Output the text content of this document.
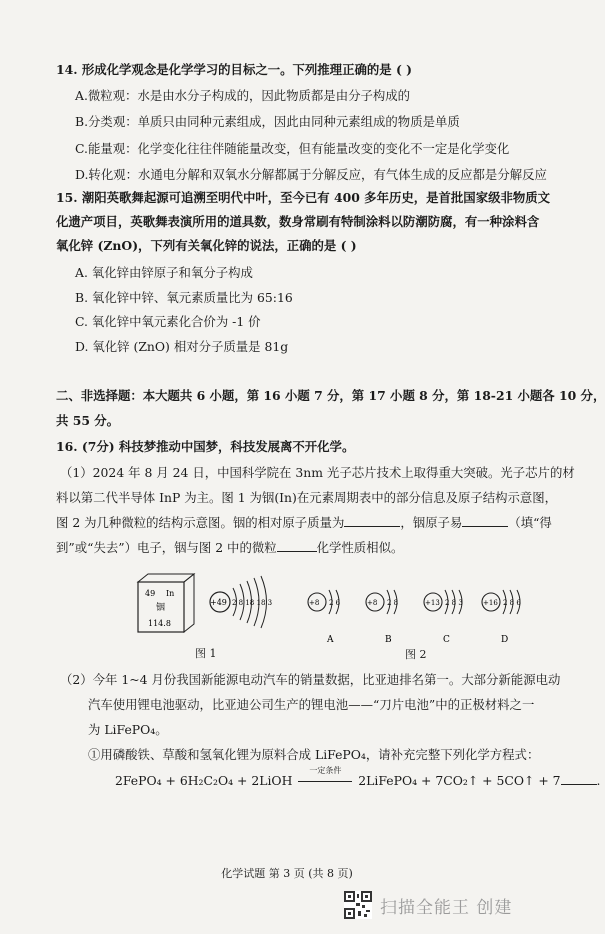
14. 形成化学观念是化学学习的目标之一。下列推理正确的是 ( )
A.微粒观：水是由水分子构成的，因此物质都是由分子构成的
B.分类观：单质只由同种元素组成，因此由同种元素组成的物质是单质
C.能量观：化学变化往往伴随能量改变，但有能量改变的变化不一定是化学变化
D.转化观：水通电分解和双氧水分解都属于分解反应，有气体生成的反应都是分解反应
15. 潮阳英歌舞起源可追溯至明代中叶，至今已有 400 多年历史，是首批国家级非物质文
化遗产项目，英歌舞表演所用的道具数，数身常刷有特制涂料以防潮防腐，有一种涂料含
氧化锌 (ZnO)，下列有关氧化锌的说法，正确的是 ( )
A. 氧化锌由锌原子和氧分子构成
B. 氧化锌中锌、氧元素质量比为 65:16
C. 氧化锌中氧元素化合价为 -1 价
D. 氧化锌 (ZnO) 相对分子质量是 81g
二、非选择题：本大题共 6 小题，第 16 小题 7 分，第 17 小题 8 分，第 18-21 小题各 10 分，
共 55 分。
16. (7分) 科技梦推动中国梦，科技发展离不开化学。
（1）2024 年 8 月 24 日，中国科学院在 3nm 光子芯片技术上取得重大突破。光子芯片的材
料以第二代半导体 InP 为主。图 1 为铟(In)在元素周期表中的部分信息及原子结构示意图，
图 2 为几种微粒的结构示意图。铟的相对原子质量为	，铟原子易	（填“得
到”或“失去”）电子，铟与图 2 中的微粒	化学性质相似。
49 In
铟
114.8
+49 2 8 18 18 3
图 1
+8 2 6
A
+8 2 8
B
+13 2 8 3
C
+16 2 8 6
D
图 2
（2）今年 1~4 月份我国新能源电动汽车的销量数据，比亚迪排名第一。大部分新能源电动
汽车使用锂电池驱动，比亚迪公司生产的锂电池——“刀片电池”中的正极材料之一
为 LiFePO₄。
①用磷酸铁、草酸和氢氧化锂为原料合成 LiFePO₄，请补充完整下列化学方程式：
2FePO₄ + 6H₂C₂O₄ + 2LiOH
一定条件
2LiFePO₄ + 7CO₂↑ + 5CO↑ + 7	.
化学试题 第 3 页 (共 8 页)
扫描全能王 创建
